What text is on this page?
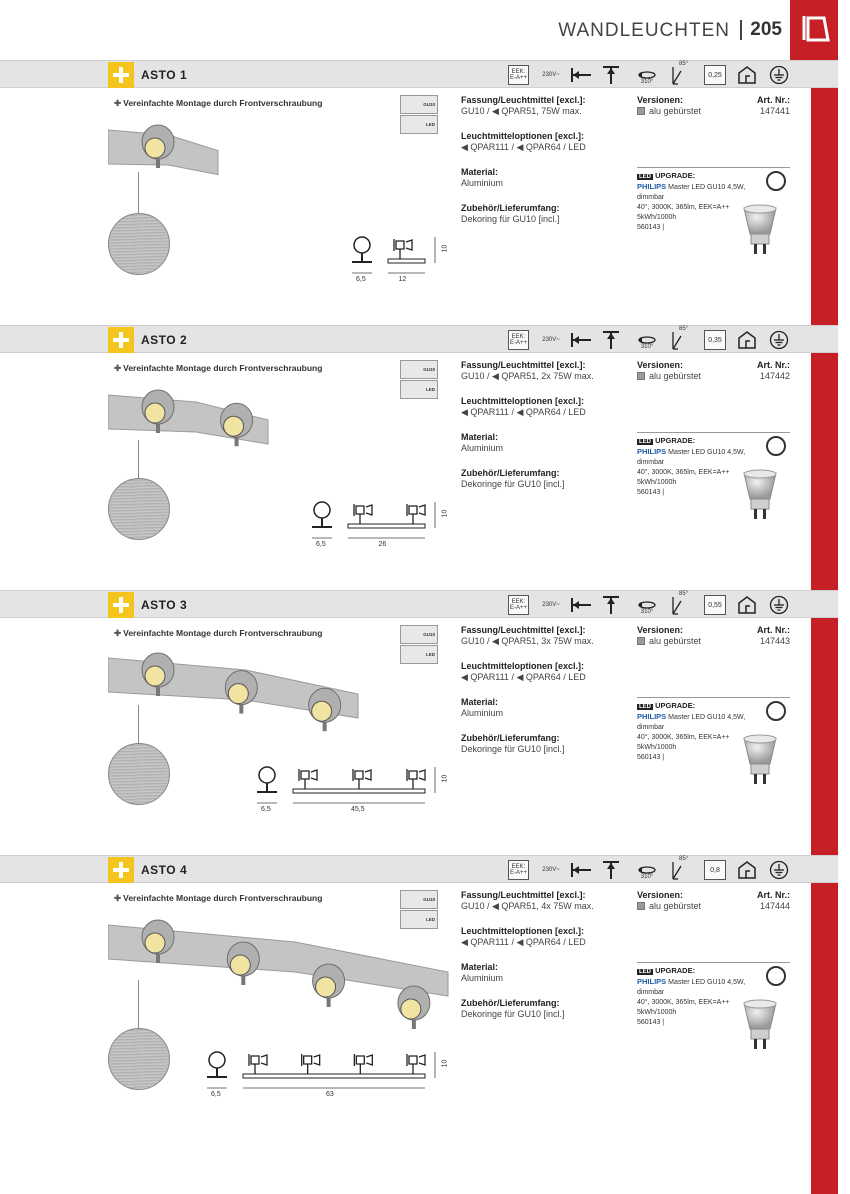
WANDLEUCHTEN 205
ASTO 1	EEK:
E-A++	230V~
310°
85°
0,25
✚ Vereinfachte Montage durch Frontverschraubung
6,5	12
10
GU10
LED
Fassung/Leuchtmittel [excl.]:
GU10 / ◀ QPAR51, 75W max.
Leuchtmitteloptionen [excl.]:
◀ QPAR111 / ◀ QPAR64 / LED
Material:
Aluminium
Zubehör/Lieferumfang:
Dekoring für GU10 [incl.]
Versionen:
alu gebürstet
Art. Nr.:
147441
LED UPGRADE:
PHILIPS Master LED GU10 4,5W,
dimmbar
40°, 3000K, 365lm, EEK=A++
5kWh/1000h
560143 |
ASTO 2	EEK:
E-A++	230V~
310°
85°
0,35
✚ Vereinfachte Montage durch Frontverschraubung
6,5	26
10
GU10
LED
Fassung/Leuchtmittel [excl.]:
GU10 / ◀ QPAR51, 2x 75W max.
Leuchtmitteloptionen [excl.]:
◀ QPAR111 / ◀ QPAR64 / LED
Material:
Aluminium
Zubehör/Lieferumfang:
Dekoringe für GU10 [incl.]
Versionen:
alu gebürstet
Art. Nr.:
147442
LED UPGRADE:
PHILIPS Master LED GU10 4,5W,
dimmbar
40°, 3000K, 365lm, EEK=A++
5kWh/1000h
560143 |
ASTO 3	EEK:
E-A++	230V~
310°
85°
0,55
✚ Vereinfachte Montage durch Frontverschraubung
6,5	45,5
10
GU10
LED
Fassung/Leuchtmittel [excl.]:
GU10 / ◀ QPAR51, 3x 75W max.
Leuchtmitteloptionen [excl.]:
◀ QPAR111 / ◀ QPAR64 / LED
Material:
Aluminium
Zubehör/Lieferumfang:
Dekoringe für GU10 [incl.]
Versionen:
alu gebürstet
Art. Nr.:
147443
LED UPGRADE:
PHILIPS Master LED GU10 4,5W,
dimmbar
40°, 3000K, 365lm, EEK=A++
5kWh/1000h
560143 |
ASTO 4	EEK:
E-A++	230V~
310°
85°
0,8
✚ Vereinfachte Montage durch Frontverschraubung
6,5	63
10
GU10
LED
Fassung/Leuchtmittel [excl.]:
GU10 / ◀ QPAR51, 4x 75W max.
Leuchtmitteloptionen [excl.]:
◀ QPAR111 / ◀ QPAR64 / LED
Material:
Aluminium
Zubehör/Lieferumfang:
Dekoringe für GU10 [incl.]
Versionen:
alu gebürstet
Art. Nr.:
147444
LED UPGRADE:
PHILIPS Master LED GU10 4,5W,
dimmbar
40°, 3000K, 365lm, EEK=A++
5kWh/1000h
560143 |
